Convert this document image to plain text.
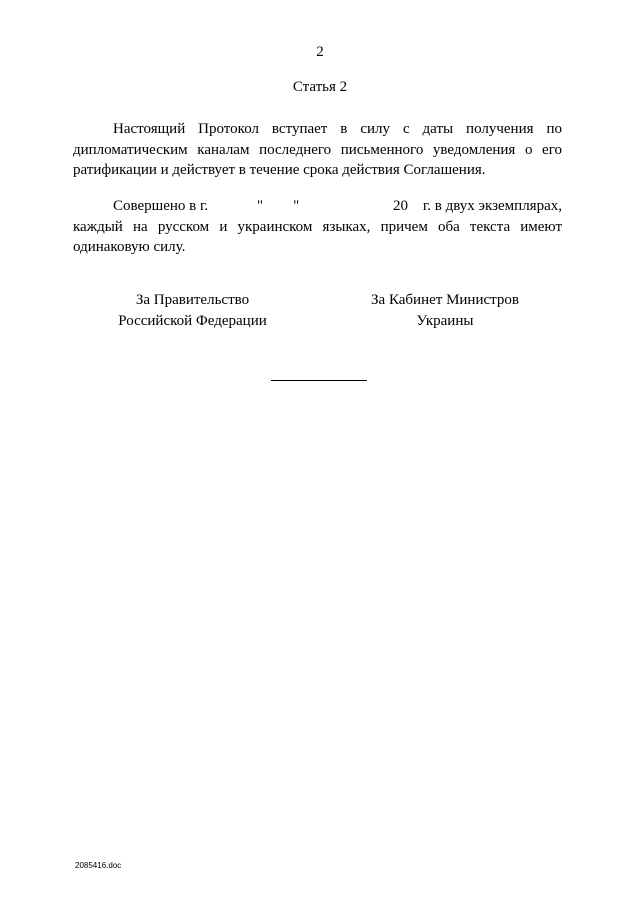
2
Статья 2
Настоящий Протокол вступает в силу с даты получения по дипломатическим каналам последнего письменного уведомления о его ратификации и действует в течение срока действия Соглашения.
Совершено в г.	" "	20 г. в двух экземплярах,
каждый на русском и украинском языках, причем оба текста имеют одинаковую силу.
За Правительство
Российской Федерации
За Кабинет Министров
Украины
2085416.doc
